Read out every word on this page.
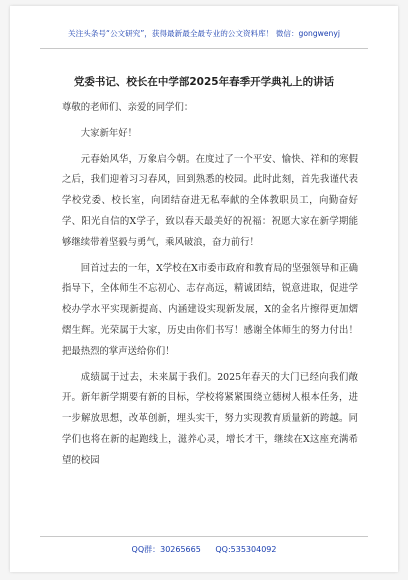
关注头条号“公文研究”，获得最新最全最专业的公文资料库！ 微信：gongwenyj
党委书记、校长在中学部2025年春季开学典礼上的讲话

尊敬的老师们、亲爱的同学们：

大家新年好！

元春始风华，万象启今朝。在度过了一个平安、愉快、祥和的寒假之后，我们迎着习习春风，回到熟悉的校园。此时此刻，首先我谨代表学校党委、校长室，向团结奋进无私奉献的全体教职员工，向勤奋好学、阳光自信的X学子，致以春天最美好的祝福：祝愿大家在新学期能够继续带着坚毅与勇气，乘风破浪，奋力前行！

回首过去的一年，X学校在X市委市政府和教育局的坚强领导和正确指导下，全体师生不忘初心、志存高远，精诚团结，锐意进取，促进学校办学水平实现新提高、内涵建设实现新发展，X的金名片擦得更加熠熠生辉。光荣属于大家，历史由你们书写！感谢全体师生的努力付出！把最热烈的掌声送给你们！

成绩属于过去，未来属于我们。2025年春天的大门已经向我们敞开。新年新学期要有新的目标，学校将紧紧围绕立德树人根本任务，进一步解放思想，改革创新，埋头实干，努力实现教育质量新的跨越。同学们也将在新的起跑线上，滋养心灵，增长才干，继续在X这座充满希望的校园

QQ群：30265665 QQ:535304092
